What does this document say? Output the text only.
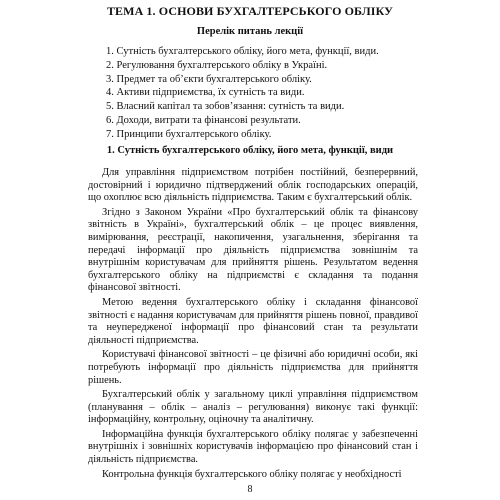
ТЕМА 1. ОСНОВИ БУХГАЛТЕРСЬКОГО ОБЛІКУ
Перелік питань лекції
1. Сутність бухгалтерського обліку, його мета, функції, види.
2. Регулювання бухгалтерського обліку в Україні.
3. Предмет та об’єкти бухгалтерського обліку.
4. Активи підприємства, їх сутність та види.
5. Власний капітал та зобов’язання: сутність та види.
6. Доходи, витрати та фінансові результати.
7. Принципи бухгалтерського обліку.
1. Сутність бухгалтерського обліку, його мета, функції, види

Для управління підприємством потрібен постійний, безперервний, достовірний і юридично підтверджений облік господарських операцій, що охоплює всю діяльність підприємства. Таким є бухгалтерський облік.

Згідно з Законом України «Про бухгалтерський облік та фінансову звітність в Україні», бухгалтерський облік – це процес виявлення, вимірювання, реєстрації, накопичення, узагальнення, зберігання та передачі інформації про діяльність підприємства зовнішнім та внутрішнім користувачам для прийняття рішень. Результатом ведення бухгалтерського обліку на підприємстві є складання та подання фінансової звітності.

Метою ведення бухгалтерського обліку і складання фінансової звітності є надання користувачам для прийняття рішень повної, правдивої та неупередженої інформації про фінансовий стан та результати діяльності підприємства.

Користувачі фінансової звітності – це фізичні або юридичні особи, які потребують інформації про діяльність підприємства для прийняття рішень.

Бухгалтерський облік у загальному циклі управління підприємством (планування – облік – аналіз – регулювання) виконує такі функції: інформаційну, контрольну, оціночну та аналітичну.

Інформаційна функція бухгалтерського обліку полягає у забезпеченні внутрішніх і зовнішніх користувачів інформацією про фінансовий стан і діяльність підприємства.

Контрольна функція бухгалтерського обліку полягає у необхідності

8
